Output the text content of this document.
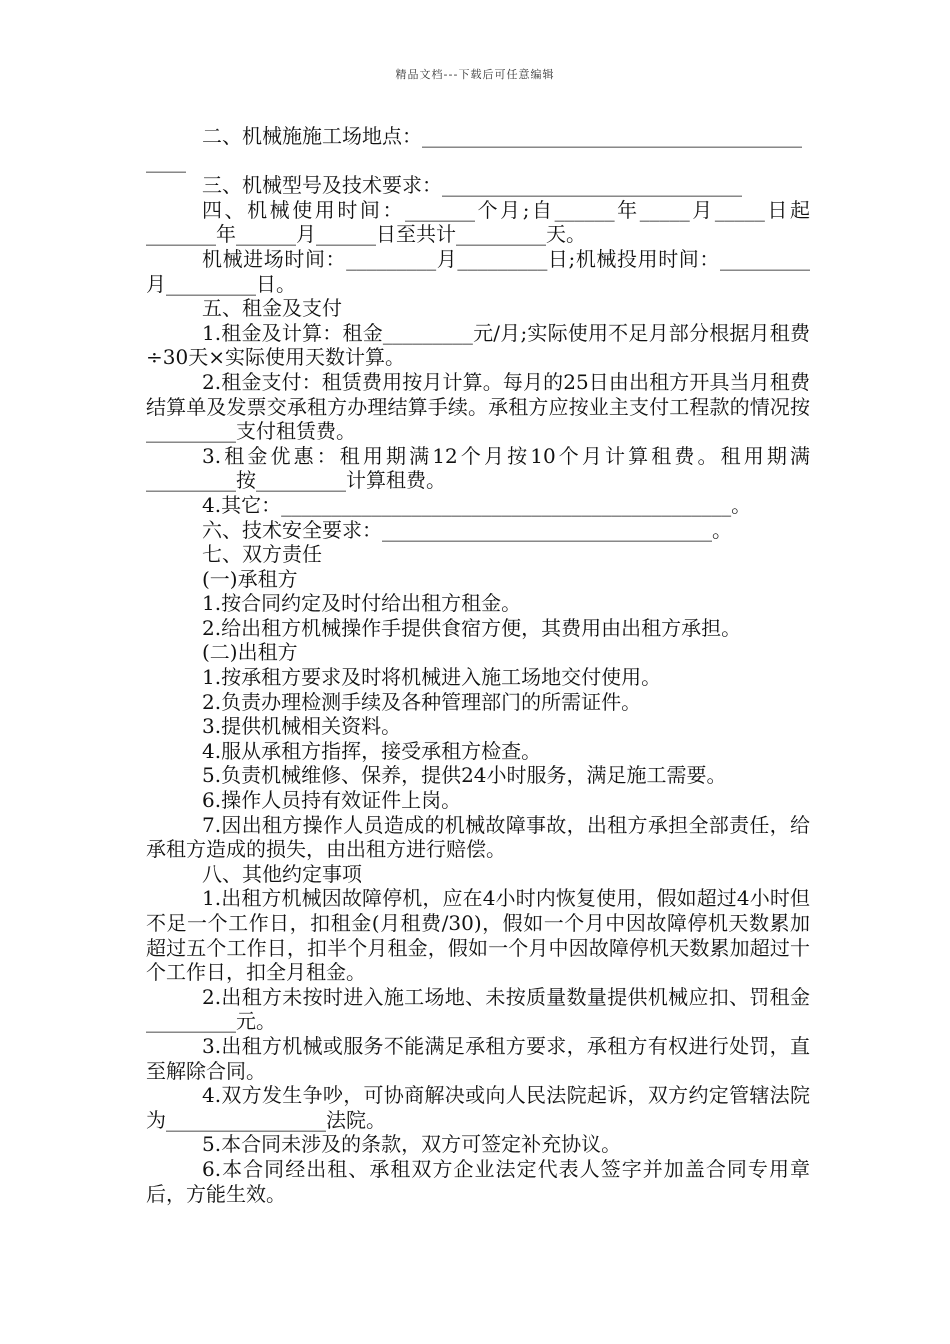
精品文档---下载后可任意编辑

二、机械施施工场地点：______________________________________

____

三、机械型号及技术要求：______________________________

四、机械使用时间：_______个月;自______年_____月_____日起_______年______月______日至共计_________天。

机械进场时间：_________月_________日;机械投用时间：_________月_________日。

五、租金及支付

1.租金及计算：租金_________元/月;实际使用不足月部分根据月租费÷30天×实际使用天数计算。

2.租金支付：租赁费用按月计算。每月的25日由出租方开具当月租费结算单及发票交承租方办理结算手续。承租方应按业主支付工程款的情况按_________支付租赁费。

3.租金优惠：租用期满12个月按10个月计算租费。租用期满_________按_________计算租费。

4.其它：_____________________________________________。

六、技术安全要求：_________________________________。

七、双方责任

(一)承租方

1.按合同约定及时付给出租方租金。

2.给出租方机械操作手提供食宿方便，其费用由出租方承担。

(二)出租方

1.按承租方要求及时将机械进入施工场地交付使用。

2.负责办理检测手续及各种管理部门的所需证件。

3.提供机械相关资料。

4.服从承租方指挥，接受承租方检查。

5.负责机械维修、保养，提供24小时服务，满足施工需要。

6.操作人员持有效证件上岗。

7.因出租方操作人员造成的机械故障事故，出租方承担全部责任，给承租方造成的损失，由出租方进行赔偿。

八、其他约定事项

1.出租方机械因故障停机，应在4小时内恢复使用，假如超过4小时但不足一个工作日，扣租金(月租费/30)，假如一个月中因故障停机天数累加超过五个工作日，扣半个月租金，假如一个月中因故障停机天数累加超过十个工作日，扣全月租金。

2.出租方未按时进入施工场地、未按质量数量提供机械应扣、罚租金_________元。

3.出租方机械或服务不能满足承租方要求，承租方有权进行处罚，直至解除合同。

4.双方发生争吵，可协商解决或向人民法院起诉，双方约定管辖法院为________________法院。

5.本合同未涉及的条款，双方可签定补充协议。

6.本合同经出租、承租双方企业法定代表人签字并加盖合同专用章后，方能生效。
